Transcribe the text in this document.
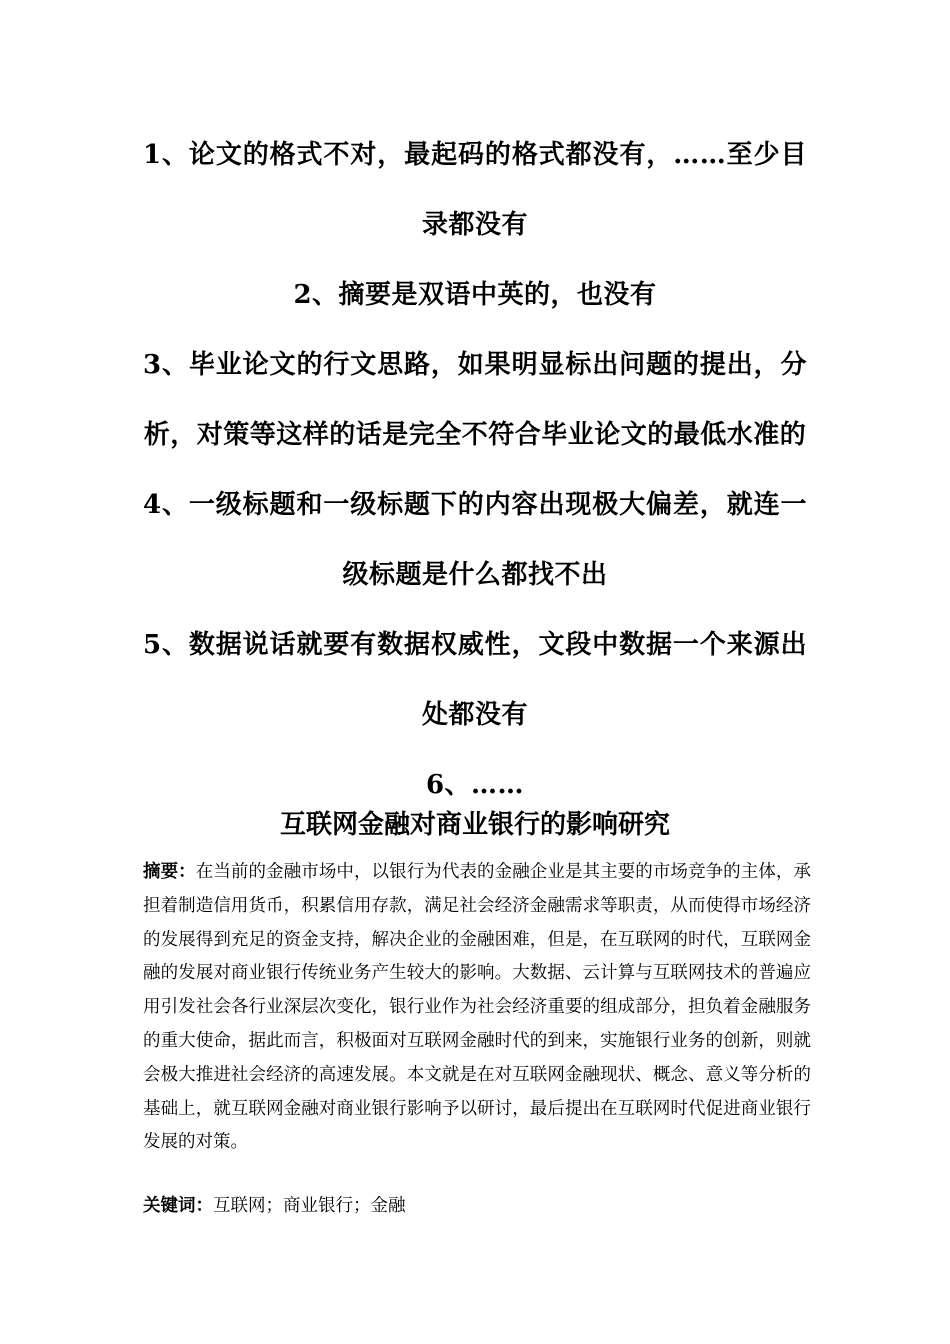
1、论文的格式不对，最起码的格式都没有，……至少目录都没有

2、摘要是双语中英的，也没有

3、毕业论文的行文思路，如果明显标出问题的提出，分析，对策等这样的话是完全不符合毕业论文的最低水准的

4、一级标题和一级标题下的内容出现极大偏差，就连一级标题是什么都找不出

5、数据说话就要有数据权威性，文段中数据一个来源出处都没有

6、……

互联网金融对商业银行的影响研究

摘要：在当前的金融市场中，以银行为代表的金融企业是其主要的市场竞争的主体，承担着制造信用货币，积累信用存款，满足社会经济金融需求等职责，从而使得市场经济的发展得到充足的资金支持，解决企业的金融困难，但是，在互联网的时代，互联网金融的发展对商业银行传统业务产生较大的影响。大数据、云计算与互联网技术的普遍应用引发社会各行业深层次变化，银行业作为社会经济重要的组成部分，担负着金融服务的重大使命，据此而言，积极面对互联网金融时代的到来，实施银行业务的创新，则就会极大推进社会经济的高速发展。本文就是在对互联网金融现状、概念、意义等分析的基础上，就互联网金融对商业银行影响予以研讨，最后提出在互联网时代促进商业银行发展的对策。

关键词：互联网；商业银行；金融
